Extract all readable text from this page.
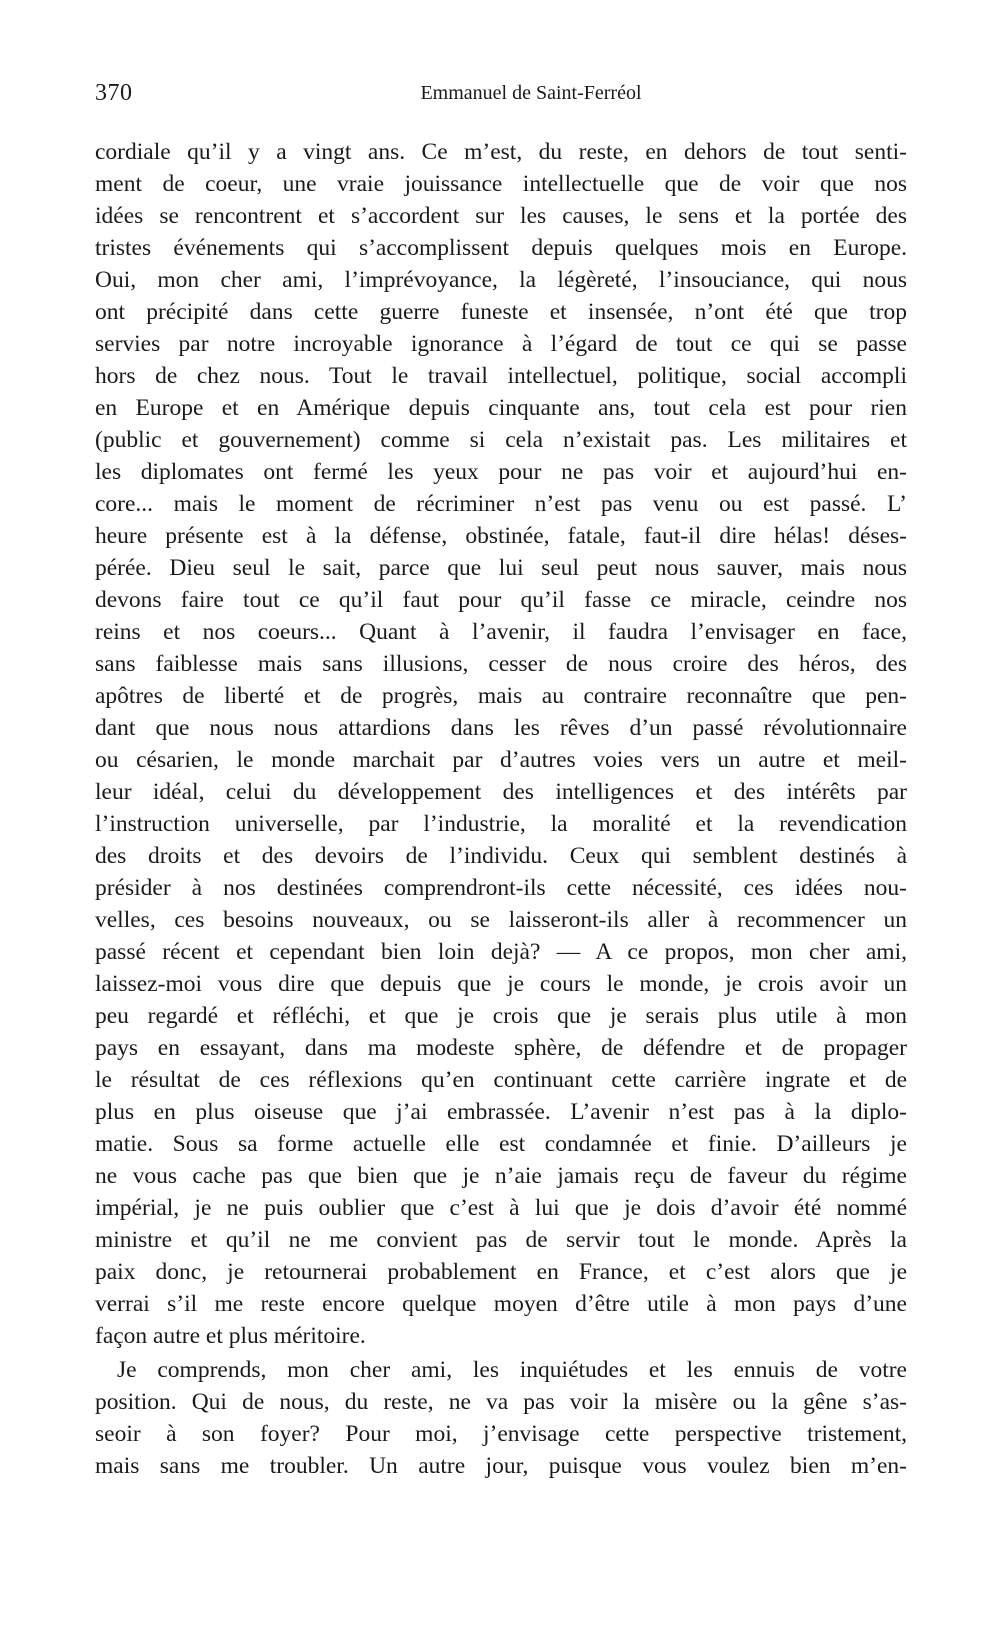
370	Emmanuel de Saint-Ferréol
cordiale qu’il y a vingt ans. Ce m’est, du reste, en dehors de tout senti-
ment de coeur, une vraie jouissance intellectuelle que de voir que nos
idées se rencontrent et s’accordent sur les causes, le sens et la portée des
tristes événements qui s’accomplissent depuis quelques mois en Europe.
Oui, mon cher ami, l’imprévoyance, la légèreté, l’insouciance, qui nous
ont précipité dans cette guerre funeste et insensée, n’ont été que trop
servies par notre incroyable ignorance à l’égard de tout ce qui se passe
hors de chez nous. Tout le travail intellectuel, politique, social accompli
en Europe et en Amérique depuis cinquante ans, tout cela est pour rien
(public et gouvernement) comme si cela n’existait pas. Les militaires et
les diplomates ont fermé les yeux pour ne pas voir et aujourd’hui en-
core... mais le moment de récriminer n’est pas venu ou est passé. L’
heure présente est à la défense, obstinée, fatale, faut-il dire hélas! déses-
pérée. Dieu seul le sait, parce que lui seul peut nous sauver, mais nous
devons faire tout ce qu’il faut pour qu’il fasse ce miracle, ceindre nos
reins et nos coeurs... Quant à l’avenir, il faudra l’envisager en face,
sans faiblesse mais sans illusions, cesser de nous croire des héros, des
apôtres de liberté et de progrès, mais au contraire reconnaître que pen-
dant que nous nous attardions dans les rêves d’un passé révolutionnaire
ou césarien, le monde marchait par d’autres voies vers un autre et meil-
leur idéal, celui du développement des intelligences et des intérêts par
l’instruction universelle, par l’industrie, la moralité et la revendication
des droits et des devoirs de l’individu. Ceux qui semblent destinés à
présider à nos destinées comprendront-ils cette nécessité, ces idées nou-
velles, ces besoins nouveaux, ou se laisseront-ils aller à recommencer un
passé récent et cependant bien loin dejà? — A ce propos, mon cher ami,
laissez-moi vous dire que depuis que je cours le monde, je crois avoir un
peu regardé et réfléchi, et que je crois que je serais plus utile à mon
pays en essayant, dans ma modeste sphère, de défendre et de propager
le résultat de ces réflexions qu’en continuant cette carrière ingrate et de
plus en plus oiseuse que j’ai embrassée. L’avenir n’est pas à la diplo-
matie. Sous sa forme actuelle elle est condamnée et finie. D’ailleurs je
ne vous cache pas que bien que je n’aie jamais reçu de faveur du régime
impérial, je ne puis oublier que c’est à lui que je dois d’avoir été nommé
ministre et qu’il ne me convient pas de servir tout le monde. Après la
paix donc, je retournerai probablement en France, et c’est alors que je
verrai s’il me reste encore quelque moyen d’être utile à mon pays d’une
façon autre et plus méritoire.
Je comprends, mon cher ami, les inquiétudes et les ennuis de votre
position. Qui de nous, du reste, ne va pas voir la misère ou la gêne s’as-
seoir à son foyer? Pour moi, j’envisage cette perspective tristement,
mais sans me troubler. Un autre jour, puisque vous voulez bien m’en-
